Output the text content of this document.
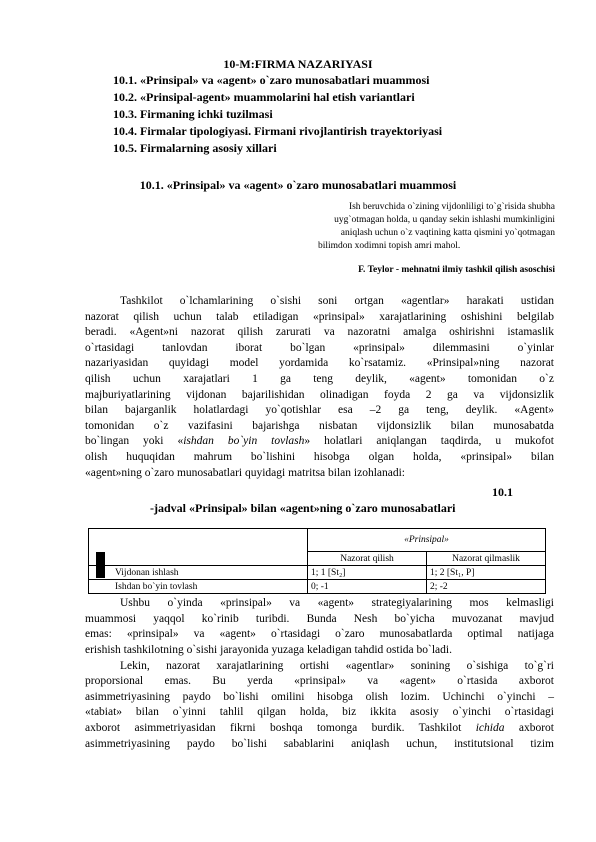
10-M:FIRMA NAZARIYASI
10.1. «Prinsipal» va «agent» o`zaro munosabatlari muammosi
10.2. «Prinsipal-agent» muammolarini hal etish variantlari
10.3. Firmaning ichki tuzilmasi
10.4. Firmalar tipologiyasi. Firmani rivojlantirish trayektoriyasi
10.5. Firmalarning asosiy xillari
10.1. «Prinsipal» va «agent» o`zaro munosabatlari muammosi
Ish beruvchida o`zining vijdonliligi to`g`risida shubha
uyg`otmagan holda, u qanday sekin ishlashi mumkinligini
aniqlash uchun o`z vaqtining katta qismini yo`qotmagan
bilimdon xodimni topish amri mahol.
F. Teylor - mehnatni ilmiy tashkil qilish asoschisi
Tashkilot o`lchamlarining o`sishi soni ortgan «agentlar» harakati ustidan
nazorat qilish uchun talab etiladigan «prinsipal» xarajatlarining oshishini belgilab
beradi. «Agent»ni nazorat qilish zarurati va nazoratni amalga oshirishni istamaslik
o`rtasidagi tanlovdan iborat bo`lgan «prinsipal» dilemmasini o`yinlar
nazariyasidan quyidagi model yordamida ko`rsatamiz. «Prinsipal»ning nazorat
qilish uchun xarajatlari 1 ga teng deylik, «agent» tomonidan o`z
majburiyatlarining vijdonan bajarilishidan olinadigan foyda 2 ga va vijdonsizlik
bilan bajarganlik holatlardagi yo`qotishlar esa –2 ga teng, deylik. «Agent»
tomonidan o`z vazifasini bajarishga nisbatan vijdonsizlik bilan munosabatda
bo`lingan yoki «ishdan bo`yin tovlash» holatlari aniqlangan taqdirda, u mukofot
olish huquqidan mahrum bo`lishini hisobga olgan holda, «prinsipal» bilan
«agent»ning o`zaro munosabatlari quyidagi matritsa bilan izohlanadi:
10.1
-jadval «Prinsipal» bilan «agent»ning o`zaro munosabatlari
	«Prinsipal»	
	Nazorat qilish	Nazorat qilmaslik
Vijdonan ishlash	1; 1 [St₂]	1; 2 [St₁, P]
Ishdan bo`yin tovlash	0; -1	2; -2
Ushbu o`yinda «prinsipal» va «agent» strategiyalarining mos kelmasligi
muammosi yaqqol ko`rinib turibdi. Bunda Nesh bo`yicha muvozanat mavjud
emas: «prinsipal» va «agent» o`rtasidagi o`zaro munosabatlarda optimal natijaga
erishish tashkilotning o`sishi jarayonida yuzaga keladigan tahdid ostida bo`ladi.
Lekin, nazorat xarajatlarining ortishi «agentlar» sonining o`sishiga to`g`ri
proporsional emas. Bu yerda «prinsipal» va «agent» o`rtasida axborot
asimmetriyasining paydo bo`lishi omilini hisobga olish lozim. Uchinchi o`yinchi –
«tabiat» bilan o`yinni tahlil qilgan holda, biz ikkita asosiy o`yinchi o`rtasidagi
axborot asimmetriyasidan fikrni boshqa tomonga burdik. Tashkilot ichida axborot
asimmetriyasining paydo bo`lishi sabablarini aniqlash uchun, institutsional tizim
